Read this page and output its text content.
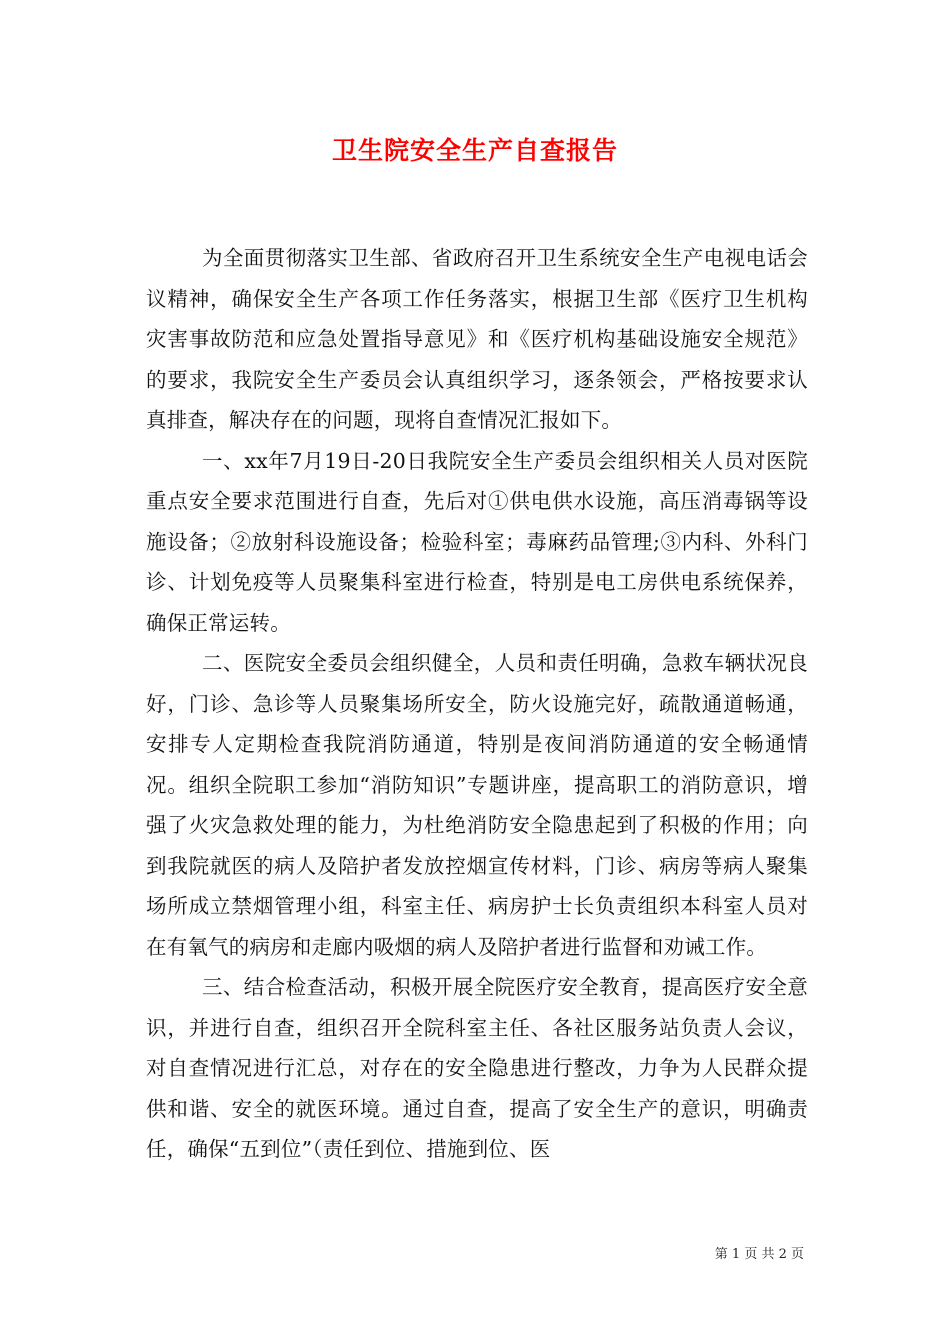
卫生院安全生产自查报告

为全面贯彻落实卫生部、省政府召开卫生系统安全生产电视电话会议精神，确保安全生产各项工作任务落实，根据卫生部《医疗卫生机构灾害事故防范和应急处置指导意见》和《医疗机构基础设施安全规范》的要求，我院安全生产委员会认真组织学习，逐条领会，严格按要求认真排查，解决存在的问题，现将自查情况汇报如下。

一、xx年7月19日-20日我院安全生产委员会组织相关人员对医院重点安全要求范围进行自查，先后对①供电供水设施，高压消毒锅等设施设备；②放射科设施设备；检验科室；毒麻药品管理;③内科、外科门诊、计划免疫等人员聚集科室进行检查，特别是电工房供电系统保养，确保正常运转。

二、医院安全委员会组织健全，人员和责任明确，急救车辆状况良好，门诊、急诊等人员聚集场所安全，防火设施完好，疏散通道畅通，安排专人定期检查我院消防通道，特别是夜间消防通道的安全畅通情况。组织全院职工参加“消防知识”专题讲座，提高职工的消防意识，增强了火灾急救处理的能力，为杜绝消防安全隐患起到了积极的作用；向到我院就医的病人及陪护者发放控烟宣传材料，门诊、病房等病人聚集场所成立禁烟管理小组，科室主任、病房护士长负责组织本科室人员对在有氧气的病房和走廊内吸烟的病人及陪护者进行监督和劝诫工作。

三、结合检查活动，积极开展全院医疗安全教育，提高医疗安全意识，并进行自查，组织召开全院科室主任、各社区服务站负责人会议，对自查情况进行汇总，对存在的安全隐患进行整改，力争为人民群众提供和谐、安全的就医环境。通过自查，提高了安全生产的意识，明确责任，确保“五到位”（责任到位、措施到位、医

第 1 页 共 2 页
